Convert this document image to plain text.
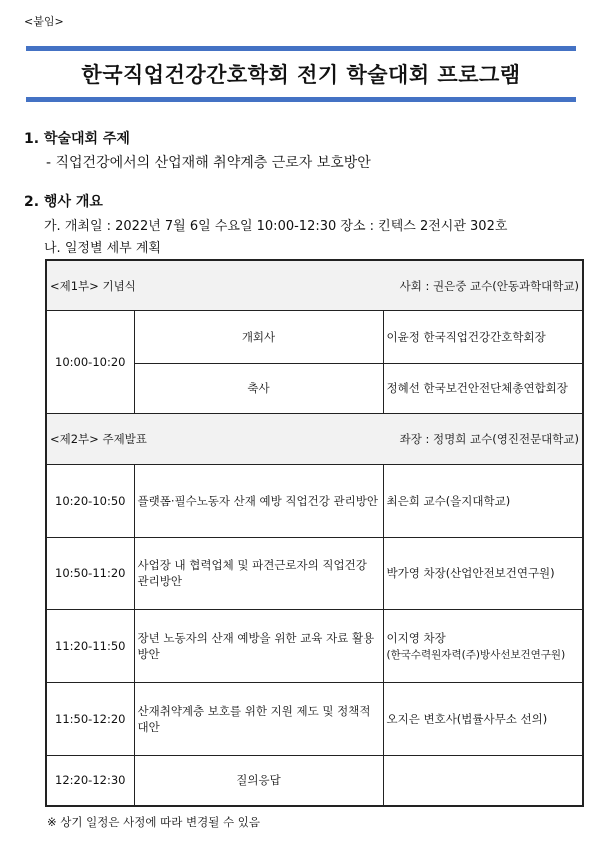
<붙임>
한국직업건강간호학회 전기 학술대회 프로그램
1. 학술대회 주제
- 직업건강에서의 산업재해 취약계층 근로자 보호방안
2. 행사 개요
가. 개최일 : 2022년 7월 6일 수요일 10:00-12:30 장소 : 킨텍스 2전시관 302호
나. 일정별 세부 계획
<제1부> 기념식 사회 : 권은중 교수(안동과학대학교)		

10:00-10:20	개회사	이윤정 한국직업건강간호학회장
	축사	정혜선 한국보건안전단체총연합회장

<제2부> 주제발표 좌장 : 정명희 교수(영진전문대학교)		

10:20-10:50	플랫폼·필수노동자 산재 예방 직업건강 관리방안	최은희 교수(을지대학교)
10:50-11:20	사업장 내 협력업체 및 파견근로자의 직업건강 관리방안	박가영 차장(산업안전보건연구원)
11:20-11:50	장년 노동자의 산재 예방을 위한 교육 자료 활용 방안	이지영 차장
(한국수력원자력(주)방사선보건연구원)

11:50-12:20	산재취약계층 보호를 위한 지원 제도 및 정책적 대안	오지은 변호사(법률사무소 선의)
12:20-12:30	질의응답	
※ 상기 일정은 사정에 따라 변경될 수 있음
